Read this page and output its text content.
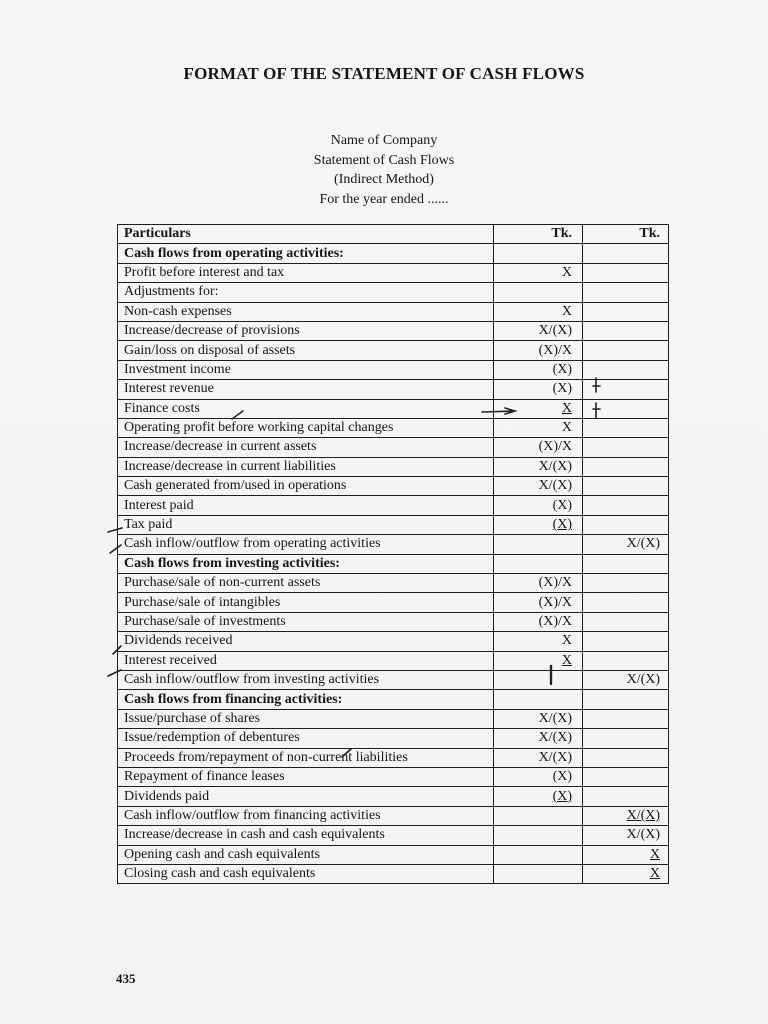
FORMAT OF THE STATEMENT OF CASH FLOWS
Name of Company
Statement of Cash Flows
(Indirect Method)
For the year ended ......
Particulars	Tk.	Tk.
Cash flows from operating activities:		
Profit before interest and tax	X	
Adjustments for:		
Non-cash expenses	X	
Increase/decrease of provisions	X/(X)	
Gain/loss on disposal of assets	(X)/X	
Investment income	(X)	
Interest revenue	(X)	
Finance costs	X	
Operating profit before working capital changes	X	
Increase/decrease in current assets	(X)/X	
Increase/decrease in current liabilities	X/(X)	
Cash generated from/used in operations	X/(X)	
Interest paid	(X)	
Tax paid	(X)	
Cash inflow/outflow from operating activities		X/(X)
Cash flows from investing activities:		
Purchase/sale of non-current assets	(X)/X	
Purchase/sale of intangibles	(X)/X	
Purchase/sale of investments	(X)/X	
Dividends received	X	
Interest received	X	
Cash inflow/outflow from investing activities		X/(X)
Cash flows from financing activities:		
Issue/purchase of shares	X/(X)	
Issue/redemption of debentures	X/(X)	
Proceeds from/repayment of non-current liabilities	X/(X)	
Repayment of finance leases	(X)	
Dividends paid	(X)	
Cash inflow/outflow from financing activities		X/(X)
Increase/decrease in cash and cash equivalents		X/(X)
Opening cash and cash equivalents		X
Closing cash and cash equivalents		X
435
